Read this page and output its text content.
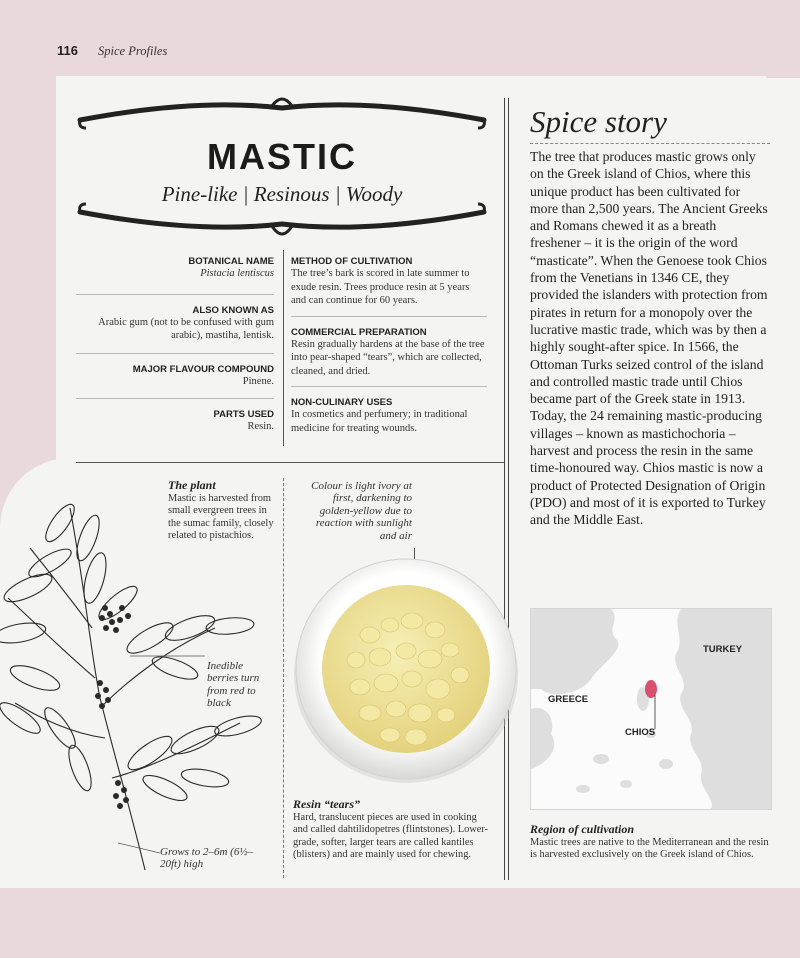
116 Spice Profiles
MASTIC
Pine-like | Resinous | Woody
BOTANICAL NAME
Pistacia lentiscus
ALSO KNOWN AS
Arabic gum (not to be confused with gum arabic), mastiha, lentisk.
MAJOR FLAVOUR COMPOUND
Pinene.
PARTS USED
Resin.
METHOD OF CULTIVATION
The tree’s bark is scored in late summer to exude resin. Trees produce resin at 5 years and can continue for 60 years.
COMMERCIAL PREPARATION
Resin gradually hardens at the base of the tree into pear-shaped “tears”, which are collected, cleaned, and dried.
NON-CULINARY USES
In cosmetics and perfumery; in traditional medicine for treating wounds.
Spice story
The tree that produces mastic grows only on the Greek island of Chios, where this unique product has been cultivated for more than 2,500 years. The Ancient Greeks and Romans chewed it as a breath freshener – it is the origin of the word “masticate”. When the Genoese took Chios from the Venetians in 1346 CE, they provided the islanders with protection from pirates in return for a monopoly over the lucrative mastic trade, which was by then a highly sought-after spice. In 1566, the Ottoman Turks seized control of the island and controlled mastic trade until Chios became part of the Greek state in 1913. Today, the 24 remaining mastic-producing villages – known as mastichochoria – harvest and process the resin in the same time-honoured way. Chios mastic is now a product of Protected Designation of Origin (PDO) and most of it is exported to Turkey and the Middle East.
The plant
Mastic is harvested from small evergreen trees in the sumac family, closely related to pistachios.
Colour is light ivory at first, darkening to golden-yellow due to reaction with sunlight and air
Inedible berries turn from red to black
Grows to 2–6m (6½–20ft) high
Resin “tears”
Hard, translucent pieces are used in cooking and called dahtilidopetres (flintstones). Lower-grade, softer, larger tears are called kantiles (blisters) and are mainly used for chewing.
TURKEY
GREECE
CHIOS
Region of cultivation
Mastic trees are native to the Mediterranean and the resin is harvested exclusively on the Greek island of Chios.
